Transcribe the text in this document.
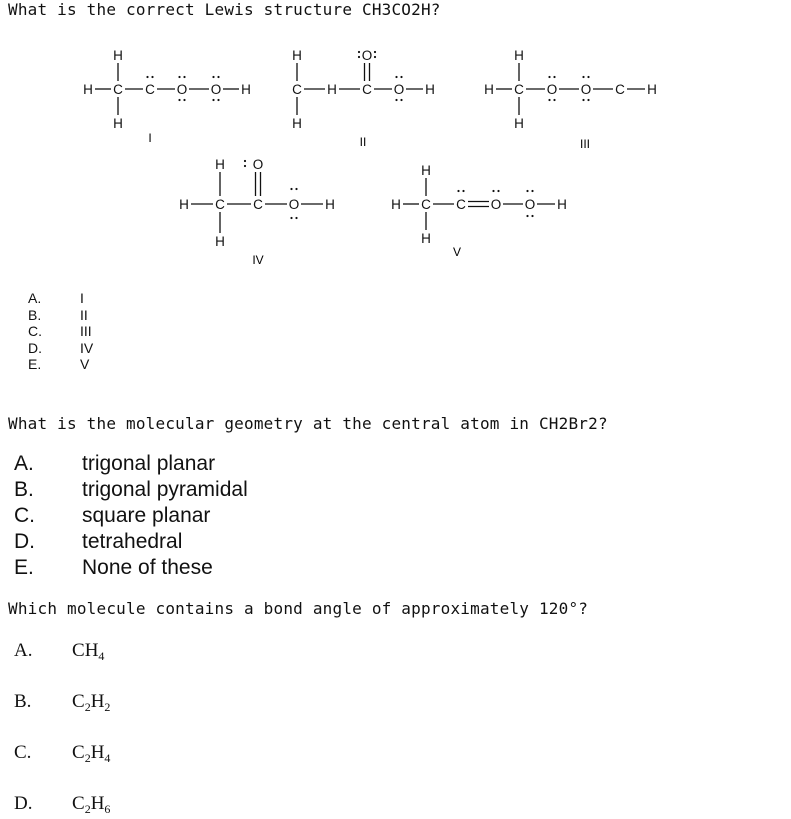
What is the correct Lewis structure CH3CO2H?
H
H C C O O H
H
I
H	O
C H C O H
H
II
H
H C O O C H
H
III
H O
H C C O H
H
IV
H
H C C O O H
H
V
A.	I
B.	II
C.	III
D.	IV
E.	V
What is the molecular geometry at the central atom in CH2Br2?
A.	trigonal planar
B.	trigonal pyramidal
C.	square planar
D.	tetrahedral
E.	None of these
Which molecule contains a bond angle of approximately 120°?
A. $CH_4$
B. $C_2H_2$
C. $C_2H_4$
D. $C_2H_6$
